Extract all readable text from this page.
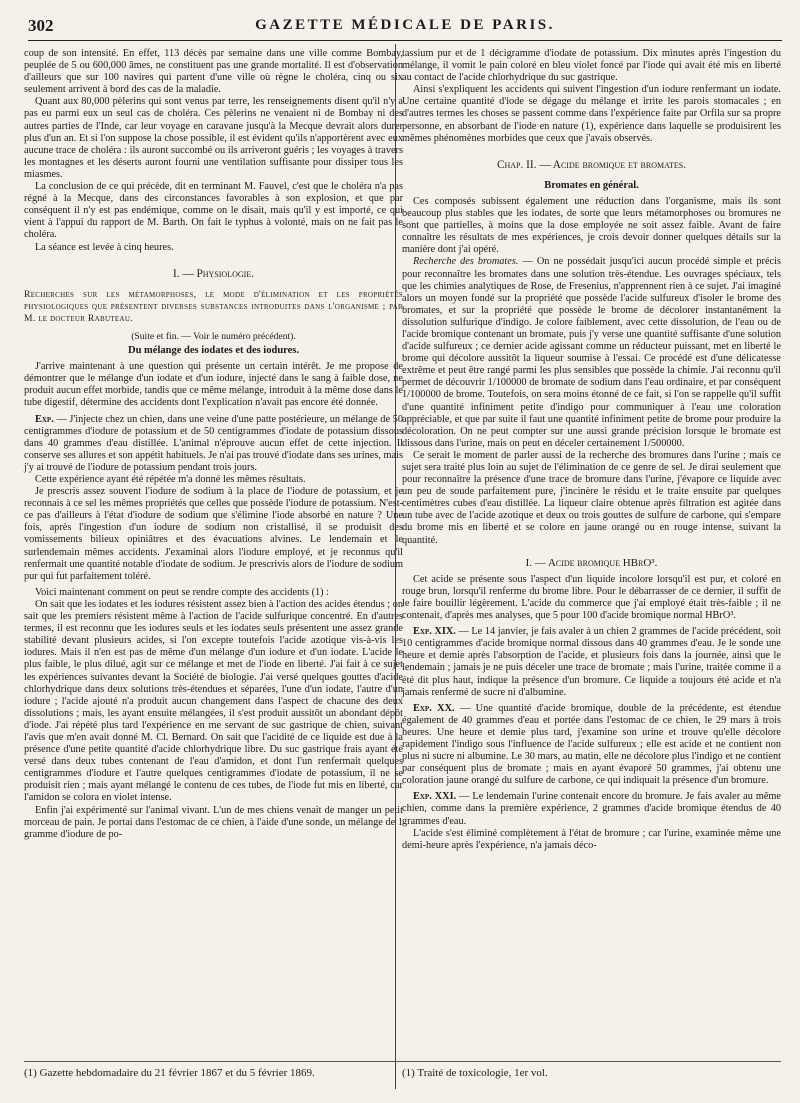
302	GAZETTE MÉDICALE DE PARIS.

coup de son intensité. En effet, 113 décès par semaine dans une ville comme Bombay, peuplée de 5 ou 600,000 âmes, ne constituent pas une grande mortalité. Il est d'observation d'ailleurs que sur 100 navires qui partent d'une ville où règne le choléra, cinq ou six seulement arrivent à bord des cas de la maladie.

Quant aux 80,000 pèlerins qui sont venus par terre, les renseignements disent qu'il n'y a pas eu parmi eux un seul cas de choléra. Ces pèlerins ne venaient ni de Bombay ni des autres parties de l'Inde, car leur voyage en caravane jusqu'à la Mecque devrait alors durer plus d'un an. Et si l'on suppose la chose possible, il est évident qu'ils n'apportèrent avec eux aucune trace de choléra : ils auront succombé ou ils arriveront guéris ; les voyages à travers les montagnes et les déserts auront fourni une ventilation suffisante pour dissiper tous les miasmes.

La conclusion de ce qui précède, dit en terminant M. Fauvel, c'est que le choléra n'a pas régné à la Mecque, dans des circonstances favorables à son explosion, et que par conséquent il n'y est pas endémique, comme on le disait, mais qu'il y est importé, ce qui vient à l'appui du rapport de M. Barth. On fait le typhus à volonté, mais on ne fait pas le choléra.

La séance est levée à cinq heures.

I. — Physiologie.
Recherches sur les métamorphoses, le mode d'élimination et les propriétés physiologiques que présentent diverses substances introduites dans l'organisme ; par M. le docteur Rabuteau.
(Suite et fin. — Voir le numéro précédent).
Du mélange des iodates et des iodures.

J'arrive maintenant à une question qui présente un certain intérêt. Je me propose de démontrer que le mélange d'un iodate et d'un iodure, injecté dans le sang à faible dose, ne produit aucun effet morbide, tandis que ce même mélange, introduit à la même dose dans le tube digestif, détermine des accidents dont l'explication n'avait pas encore été donnée.

Exp. — J'injecte chez un chien, dans une veine d'une patte postérieure, un mélange de 50 centigrammes d'iodure de potassium et de 50 centigrammes d'iodate de potassium dissous dans 40 grammes d'eau distillée. L'animal n'éprouve aucun effet de cette injection. Il conserve ses allures et son appétit habituels. Je n'ai pas trouvé d'iodate dans ses urines, mais j'y ai trouvé de l'iodure de potassium pendant trois jours.

Cette expérience ayant été répétée m'a donné les mêmes résultats.

Je prescris assez souvent l'iodure de sodium à la place de l'iodure de potassium, et je reconnais à ce sel les mêmes propriétés que celles que possède l'iodure de potassium. N'est-ce pas d'ailleurs à l'état d'iodure de sodium que s'élimine l'iode absorbé en nature ? Une fois, après l'ingestion d'un iodure de sodium non cristallisé, il se produisit des vomissements bilieux opiniâtres et des évacuations alvines. Le lendemain et le surlendemain mêmes accidents. J'examinai alors l'iodure employé, et je reconnus qu'il renfermait une quantité notable d'iodate de sodium. Je prescrivis alors de l'iodure de sodium pur qui fut parfaitement toléré.

Voici maintenant comment on peut se rendre compte des accidents (1) :

On sait que les iodates et les iodures résistent assez bien à l'action des acides étendus ; on sait que les premiers résistent même à l'action de l'acide sulfurique concentré. En d'autres termes, il est reconnu que les iodures seuls et les iodates seuls présentent une assez grande stabilité devant plusieurs acides, si l'on excepte toutefois l'acide azotique vis-à-vis les iodures. Mais il n'en est pas de même d'un mélange d'un iodure et d'un iodate. L'acide le plus faible, le plus dilué, agit sur ce mélange et met de l'iode en liberté. J'ai fait à ce sujet les expériences suivantes devant la Société de biologie. J'ai versé quelques gouttes d'acide chlorhydrique dans deux solutions très-étendues et séparées, l'une d'un iodate, l'autre d'un iodure ; l'acide ajouté n'a produit aucun changement dans l'aspect de chacune des deux dissolutions ; mais, les ayant ensuite mélangées, il s'est produit aussitôt un abondant dépôt d'iode. J'ai répété plus tard l'expérience en me servant de suc gastrique de chien, suivant l'avis que m'en avait donné M. Cl. Bernard. On sait que l'acidité de ce liquide est due à la présence d'une petite quantité d'acide chlorhydrique libre. Du suc gastrique frais ayant été versé dans deux tubes contenant de l'eau d'amidon, et dont l'un renfermait quelques centigrammes d'iodure et l'autre quelques centigrammes d'iodate de potassium, il ne se produisit rien ; mais ayant mélangé le contenu de ces tubes, de l'iode fut mis en liberté, car l'amidon se colora en violet intense.

Enfin j'ai expérimenté sur l'animal vivant. L'un de mes chiens venait de manger un petit morceau de pain. Je portai dans l'estomac de ce chien, à l'aide d'une sonde, un mélange de 1 gramme d'iodure de po-

(1) Gazette hebdomadaire du 21 février 1867 et du 5 février 1869.

tassium pur et de 1 décigramme d'iodate de potassium. Dix minutes après l'ingestion du mélange, il vomit le pain coloré en bleu violet foncé par l'iode qui avait été mis en liberté au contact de l'acide chlorhydrique du suc gastrique.

Ainsi s'expliquent les accidents qui suivent l'ingestion d'un iodure renfermant un iodate. Une certaine quantité d'iode se dégage du mélange et irrite les parois stomacales ; en d'autres termes les choses se passent comme dans l'expérience faite par Orfila sur sa propre personne, en absorbant de l'iode en nature (1), expérience dans laquelle se produisirent les mêmes phénomènes morbides que ceux que j'avais observés.

Chap. II. — Acide bromique et bromates.
Bromates en général.

Ces composés subissent également une réduction dans l'organisme, mais ils sont beaucoup plus stables que les iodates, de sorte que leurs métamorphoses ou bromures ne sont que partielles, à moins que la dose employée ne soit assez faible. Avant de faire connaître les résultats de mes expériences, je crois devoir donner quelques détails sur la manière dont j'ai opéré.

Recherche des bromates. — On ne possédait jusqu'ici aucun procédé simple et précis pour reconnaître les bromates dans une solution très-étendue. Les ouvrages spéciaux, tels que les chimies analytiques de Rose, de Fresenius, n'apprennent rien à ce sujet. J'ai imaginé alors un moyen fondé sur la propriété que possède l'acide sulfureux d'isoler le brome des bromates, et sur la propriété que possède le brome de décolorer instantanément la dissolution sulfurique d'indigo. Je colore faiblement, avec cette dissolution, de l'eau ou de l'acide bromique contenant un bromate, puis j'y verse une quantité suffisante d'une solution d'acide sulfureux ; ce dernier acide agissant comme un réducteur puissant, met en liberté le brome qui décolore aussitôt la liqueur soumise à l'essai. Ce procédé est d'une délicatesse extrême et peut être rangé parmi les plus sensibles que possède la chimie. J'ai reconnu qu'il permet de découvrir 1/100000 de bromate de sodium dans l'eau ordinaire, et par conséquent 1/100000 de brome. Toutefois, on sera moins étonné de ce fait, si l'on se rappelle qu'il suffit d'une quantité infiniment petite d'indigo pour communiquer à l'eau une coloration appréciable, et que par suite il faut une quantité infiniment petite de brome pour produire la décoloration. On ne peut compter sur une aussi grande précision lorsque le bromate est dissous dans l'urine, mais on peut en déceler certainement 1/500000.

Ce serait le moment de parler aussi de la recherche des bromures dans l'urine ; mais ce sujet sera traité plus loin au sujet de l'élimination de ce genre de sel. Je dirai seulement que pour reconnaître la présence d'une trace de bromure dans l'urine, j'évapore ce liquide avec un peu de soude parfaitement pure, j'incinère le résidu et le traite ensuite par quelques centimètres cubes d'eau distillée. La liqueur claire obtenue après filtration est agitée dans un tube avec de l'acide azotique et deux ou trois gouttes de sulfure de carbone, qui s'empare du brome mis en liberté et se colore en jaune orangé ou en rouge intense, suivant la quantité.

I. — Acide bromique HBrO³.

Cet acide se présente sous l'aspect d'un liquide incolore lorsqu'il est pur, et coloré en rouge brun, lorsqu'il renferme du brome libre. Pour le débarrasser de ce dernier, il suffit de le faire bouillir légèrement. L'acide du commerce que j'ai employé était très-faible ; il ne contenait, d'après mes analyses, que 5 pour 100 d'acide bromique normal HBrO³.

Exp. XIX. — Le 14 janvier, je fais avaler à un chien 2 grammes de l'acide précédent, soit 10 centigrammes d'acide bromique normal dissous dans 40 grammes d'eau. Je le sonde une heure et demie après l'absorption de l'acide, et plusieurs fois dans la journée, ainsi que le lendemain ; jamais je ne puis déceler une trace de bromate ; mais l'urine, traitée comme il a été dit plus haut, indique la présence d'un bromure. Ce liquide a toujours été acide et n'a jamais renfermé de sucre ni d'albumine.

Exp. XX. — Une quantité d'acide bromique, double de la précédente, est étendue également de 40 grammes d'eau et portée dans l'estomac de ce chien, le 29 mars à trois heures. Une heure et demie plus tard, j'examine son urine et trouve qu'elle décolore rapidement l'indigo sous l'influence de l'acide sulfureux ; elle est acide et ne contient non plus ni sucre ni albumine. Le 30 mars, au matin, elle ne décolore plus l'indigo et ne contient par conséquent plus de bromate ; mais en ayant évaporé 50 grammes, j'ai obtenu une coloration jaune orangé du sulfure de carbone, ce qui indiquait la présence d'un bromure.

Exp. XXI. — Le lendemain l'urine contenait encore du bromure. Je fais avaler au même chien, comme dans la première expérience, 2 grammes d'acide bromique étendus de 40 grammes d'eau.

L'acide s'est éliminé complètement à l'état de bromure ; car l'urine, examinée même une demi-heure après l'expérience, n'a jamais déco-

(1) Traité de toxicologie, 1er vol.
